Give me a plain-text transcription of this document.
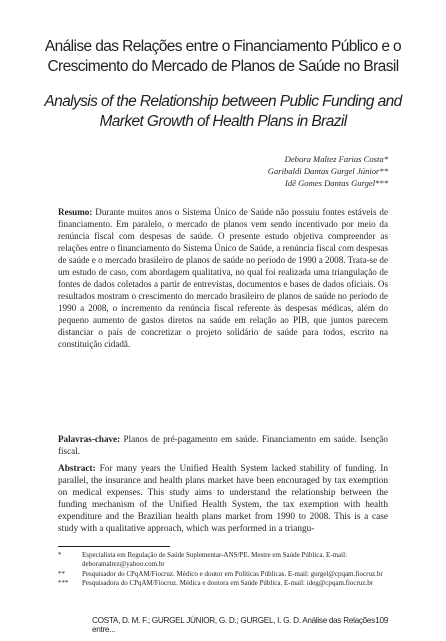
Análise das Relações entre o Financiamento Público e o
Crescimento do Mercado de Planos de Saúde no Brasil
Analysis of the Relationship between Public Funding and
Market Growth of Health Plans in Brazil
Debora Maltez Farias Costa*
Garibaldi Dantas Gurgel Júnior**
Idê Gomes Dantas Gurgel***
Resumo: Durante muitos anos o Sistema Único de Saúde não possuiu fontes estáveis de financiamento. Em paralelo, o mercado de planos vem sendo incentivado por meio da renúncia fiscal com despesas de saúde. O presente estudo objetiva compreender as relações entre o financiamento do Sistema Único de Saúde, a renúncia fiscal com despesas de saúde e o mercado brasileiro de planos de saúde no período de 1990 a 2008. Trata-se de um estudo de caso, com abordagem qualitativa, no qual foi realizada uma triangulação de fontes de dados coletados a partir de entrevistas, documentos e bases de dados oficiais. Os resultados mostram o crescimento do mercado brasileiro de planos de saúde no período de 1990 a 2008, o incremento da renúncia fiscal referente às despesas médicas, além do pequeno aumento de gastos diretos na saúde em relação ao PIB, que juntos parecem distanciar o país de concretizar o projeto solidário de saúde para todos, escrito na constituição cidadã.
Palavras-chave: Planos de pré-pagamento em saúde. Financiamento em saúde. Isenção fiscal.
Abstract: For many years the Unified Health System lacked stability of funding. In parallel, the insurance and health plans market have been encouraged by tax exemption on medical expenses. This study aims to understand the relationship between the funding mechanism of the Unified Health System, the tax exemption with health expenditure and the Brazilian health plans market from 1990 to 2008. This is a case study with a qualitative approach, which was performed in a triangu-
*	Especialista em Regulação de Saúde Suplementar-ANS/PE. Mestre em Saúde Pública. E-mail: deboramaltez@yahoo.com.br
**	Pesquisador do CPqAM/Fiocruz. Médico e doutor em Políticas Públicas. E-mail: gurgel@cpqam.fiocruz.br
***	Pesquisadora do CPqAM/Fiocruz. Médica e doutora em Saúde Pública. E-mail: ideg@cpqam.fiocruz.br
COSTA, D. M. F.; GURGEL JÚNIOR, G. D.; GURGEL, I. G. D. Análise das Relações entre...
109
